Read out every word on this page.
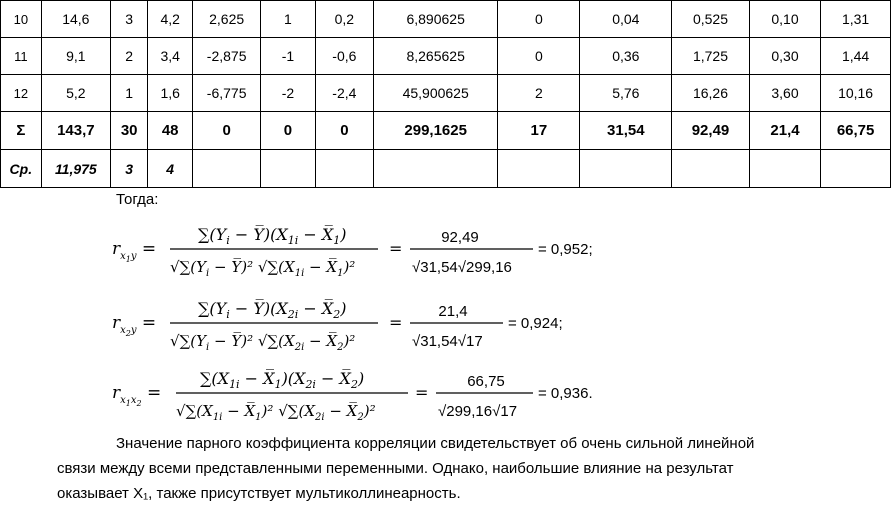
10	14,6	3	4,2	2,625	1	0,2	6,890625	0	0,04	0,525	0,10	1,31
11	9,1	2	3,4	-2,875	-1	-0,6	8,265625	0	0,36	1,725	0,30	1,44
12	5,2	1	1,6	-6,775	-2	-2,4	45,900625	2	5,76	16,26	3,60	10,16
Σ	143,7	30	48	0	0	0	299,1625	17	31,54	92,49	21,4	66,75
Ср.	11,975	3	4									
Тогда:
$r_x1y$ =
$\sum(Y_i$ − $Y̅)(X_{1i}$ − $X̅_1$)
$√\sum(Y_i$ − Y̅)² $√\sum(X_{1i}$ − $X̅_1)^2$
=
92,49
√31,54√299,16
= 0,952;
$r_x2y$ =
$\sum(Y_i$ − $Y̅)(X_{2i}$ − $X̅_2$)
$√\sum(Y_i$ − Y̅)² $√\sum(X_{2i}$ − $X̅_2)^2$
=
21,4
√31,54√17
= 0,924;
$r_x1x2$ =
$\sum(X_{1i}$ − $X̅_1)(X_{2i}$ − $X̅_2$)
$√\sum(X_{1i}$ − $X̅_1)^2$ $√\sum(X_{2i}$ − $X̅_2)^2$
=
66,75
√299,16√17
= 0,936.
Значение парного коэффициента корреляции свидетельствует об очень сильной линейной
связи между всеми представленными переменными. Однако, наибольшие влияние на результат
оказывает X₁, также присутствует мультиколлинеарность.
